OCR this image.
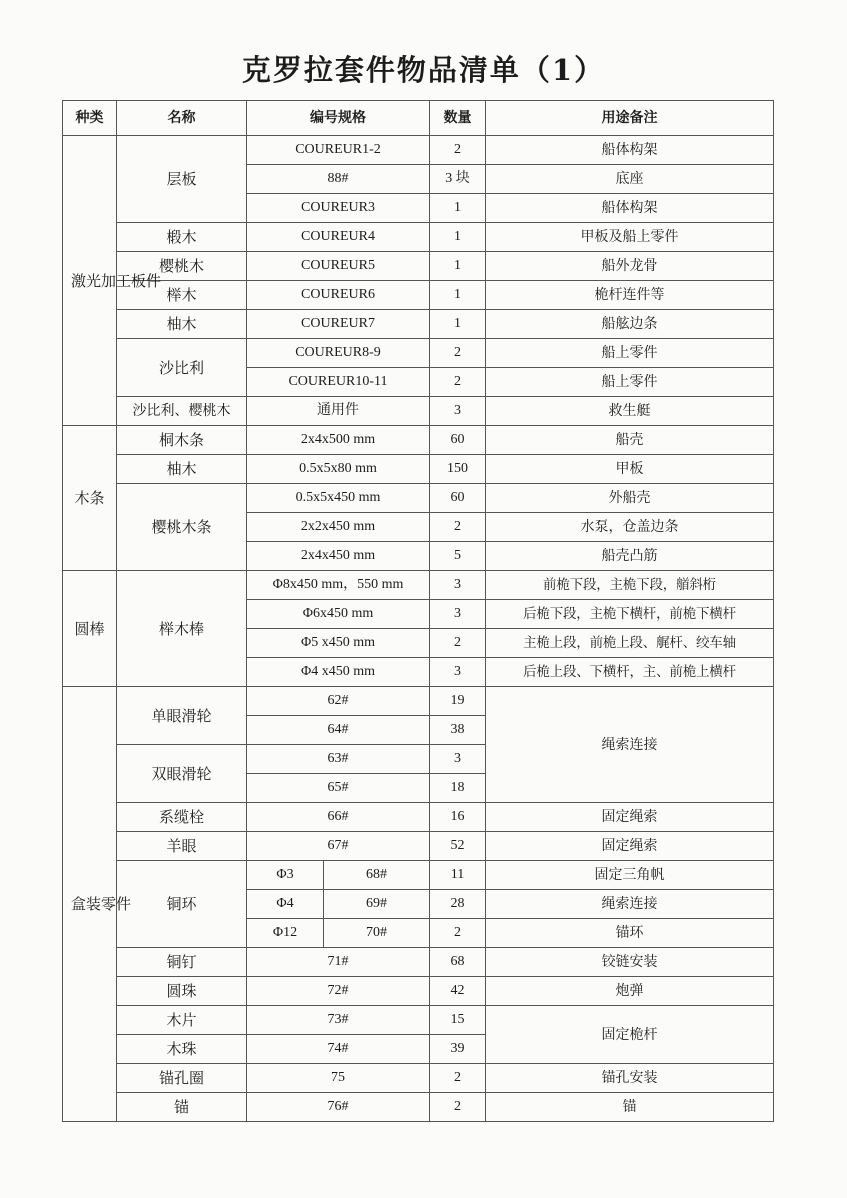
克罗拉套件物品清单（1）
种类	名称	编号规格		数量	用途备注
激光加工板件	层板	COUREUR1-2		2	船体构架
		88#		3 块	底座
		COUREUR3		1	船体构架
	椴木	COUREUR4		1	甲板及船上零件
	樱桃木	COUREUR5		1	船外龙骨
	榉木	COUREUR6		1	桅杆连件等
	柚木	COUREUR7		1	船舷边条
	沙比利	COUREUR8-9		2	船上零件
		COUREUR10-11		2	船上零件
	沙比利、樱桃木	通用件		3	救生艇
木条	桐木条	2x4x500 mm		60	船壳
	柚木	0.5x5x80 mm		150	甲板
	樱桃木条	0.5x5x450 mm		60	外船壳
		2x2x450 mm		2	水泵，仓盖边条
		2x4x450 mm		5	船壳凸筋
圆棒	榉木棒	Φ8x450 mm，550 mm		3	前桅下段，主桅下段，艏斜桁
		Φ6x450 mm		3	后桅下段，主桅下横杆，前桅下横杆
		Φ5 x450 mm		2	主桅上段，前桅上段、艉杆、绞车轴
		Φ4 x450 mm		3	后桅上段、下横杆，主、前桅上横杆
盒装零件	单眼滑轮	62#		19	绳索连接
		64#		38	
	双眼滑轮	63#		3	
		65#		18	
	系缆栓	66#		16	固定绳索
	羊眼	67#		52	固定绳索
	铜环	Φ3	68#	11	固定三角帆
		Φ4	69#	28	绳索连接
		Φ12	70#	2	锚环
	铜钉	71#		68	铰链安装
	圆珠	72#		42	炮弹
	木片	73#		15	固定桅杆
	木珠	74#		39	
	锚孔圈	75		2	锚孔安装
	锚	76#		2	锚
